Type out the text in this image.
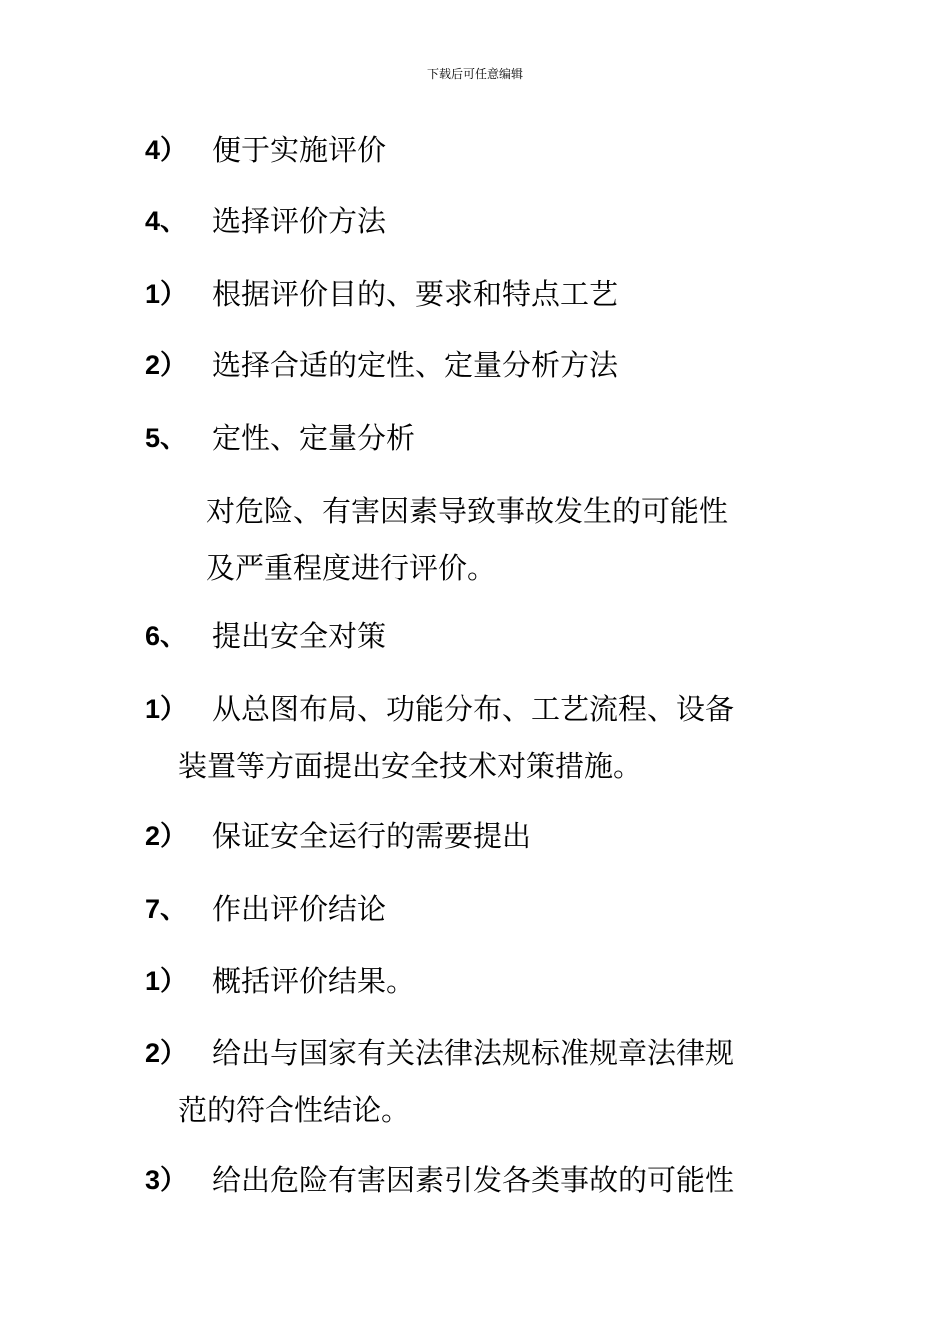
下载后可任意编辑
4） 便于实施评价
4、 选择评价方法
1） 根据评价目的、要求和特点工艺
2） 选择合适的定性、定量分析方法
5、 定性、定量分析
对危险、有害因素导致事故发生的可能性
及严重程度进行评价。
6、 提出安全对策
1） 从总图布局、功能分布、工艺流程、设备
装置等方面提出安全技术对策措施。
2） 保证安全运行的需要提出
7、 作出评价结论
1） 概括评价结果。
2） 给出与国家有关法律法规标准规章法律规
范的符合性结论。
3） 给出危险有害因素引发各类事故的可能性
